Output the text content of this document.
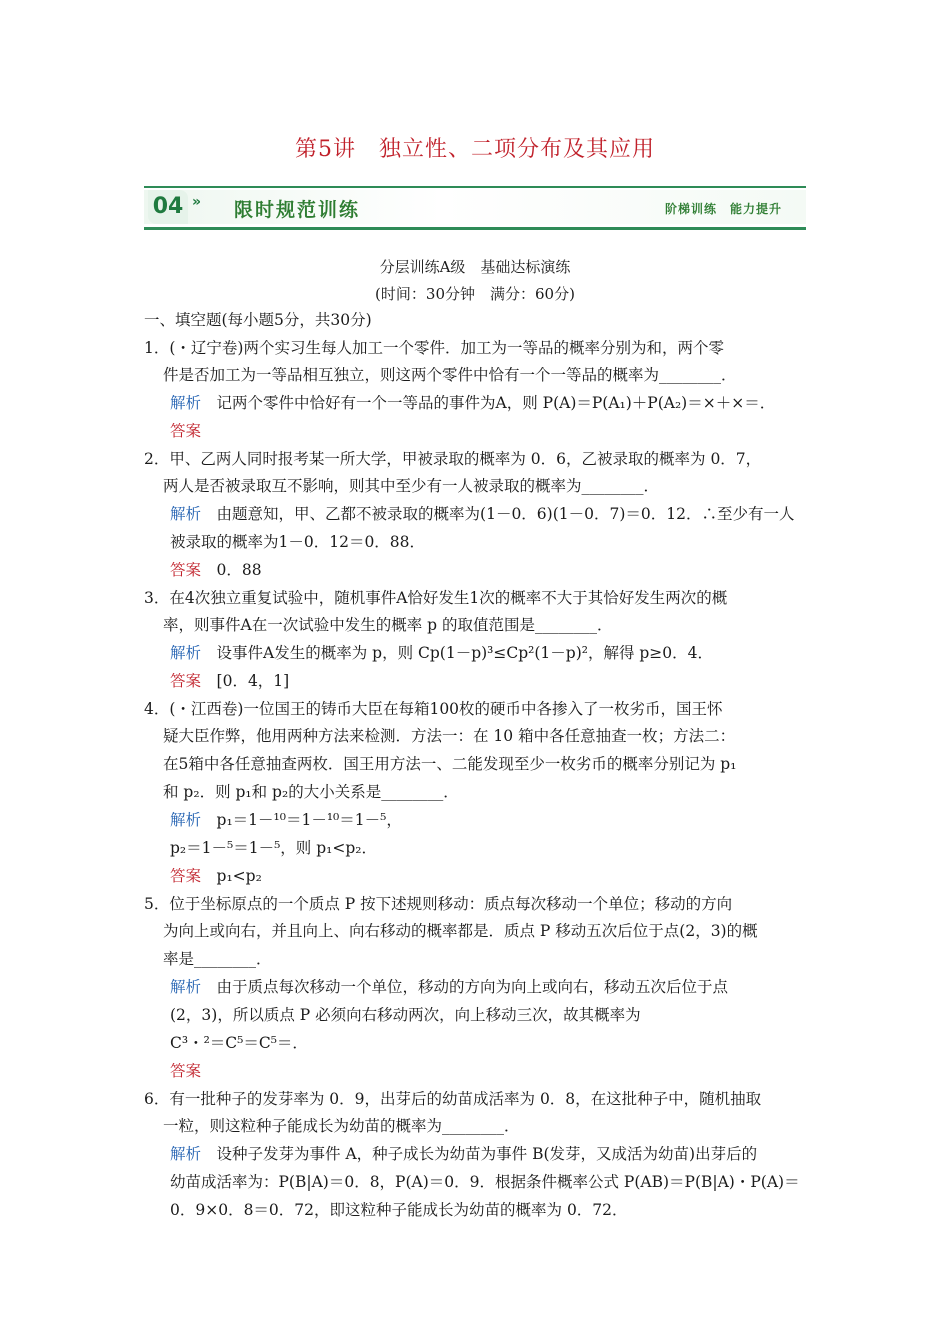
第5讲　独立性、二项分布及其应用
04 » 限时规范训练	阶梯训练　能力提升
分层训练A级　基础达标演练
(时间：30分钟　满分：60分)
一、填空题(每小题5分，共30分)
1．(・辽宁卷)两个实习生每人加工一个零件．加工为一等品的概率分别为和，两个零
件是否加工为一等品相互独立，则这两个零件中恰有一个一等品的概率为________．
解析　 记两个零件中恰好有一个一等品的事件为A，则 P(A)＝P(A₁)＋P(A₂)＝×＋×＝．
答案　
2．甲、乙两人同时报考某一所大学，甲被录取的概率为 0．6，乙被录取的概率为 0．7，
两人是否被录取互不影响，则其中至少有一人被录取的概率为________．
解析　 由题意知，甲、乙都不被录取的概率为(1－0．6)(1－0．7)＝0．12．∴至少有一人
被录取的概率为1－0．12＝0．88．
答案　 0．88
3．在4次独立重复试验中，随机事件A恰好发生1次的概率不大于其恰好发生两次的概
率，则事件A在一次试验中发生的概率 p 的取值范围是________．
解析　 设事件A发生的概率为 p，则 Cp(1－p)³≤Cp²(1－p)²，解得 p≥0．4．
答案　 [0．4，1]
4．(・江西卷)一位国王的铸币大臣在每箱100枚的硬币中各掺入了一枚劣币，国王怀
疑大臣作弊，他用两种方法来检测．方法一：在 10 箱中各任意抽查一枚；方法二：
在5箱中各任意抽查两枚．国王用方法一、二能发现至少一枚劣币的概率分别记为 p₁
和 p₂．则 p₁和 p₂的大小关系是________．
解析　 p₁＝1－¹⁰＝1－¹⁰＝1－⁵，
p₂＝1－⁵＝1－⁵，则 p₁<p₂．
答案　 p₁<p₂
5．位于坐标原点的一个质点 P 按下述规则移动：质点每次移动一个单位；移动的方向
为向上或向右，并且向上、向右移动的概率都是．质点 P 移动五次后位于点(2，3)的概
率是________．
解析　 由于质点每次移动一个单位，移动的方向为向上或向右，移动五次后位于点
(2，3)，所以质点 P 必须向右移动两次，向上移动三次，故其概率为
C³・²＝C⁵＝C⁵＝．
答案　
6．有一批种子的发芽率为 0．9，出芽后的幼苗成活率为 0．8，在这批种子中，随机抽取
一粒，则这粒种子能成长为幼苗的概率为________．
解析　 设种子发芽为事件 A，种子成长为幼苗为事件 B(发芽，又成活为幼苗)出芽后的
幼苗成活率为：P(B|A)＝0．8，P(A)＝0．9．根据条件概率公式 P(AB)＝P(B|A)・P(A)＝
0．9×0．8＝0．72，即这粒种子能成长为幼苗的概率为 0．72．
